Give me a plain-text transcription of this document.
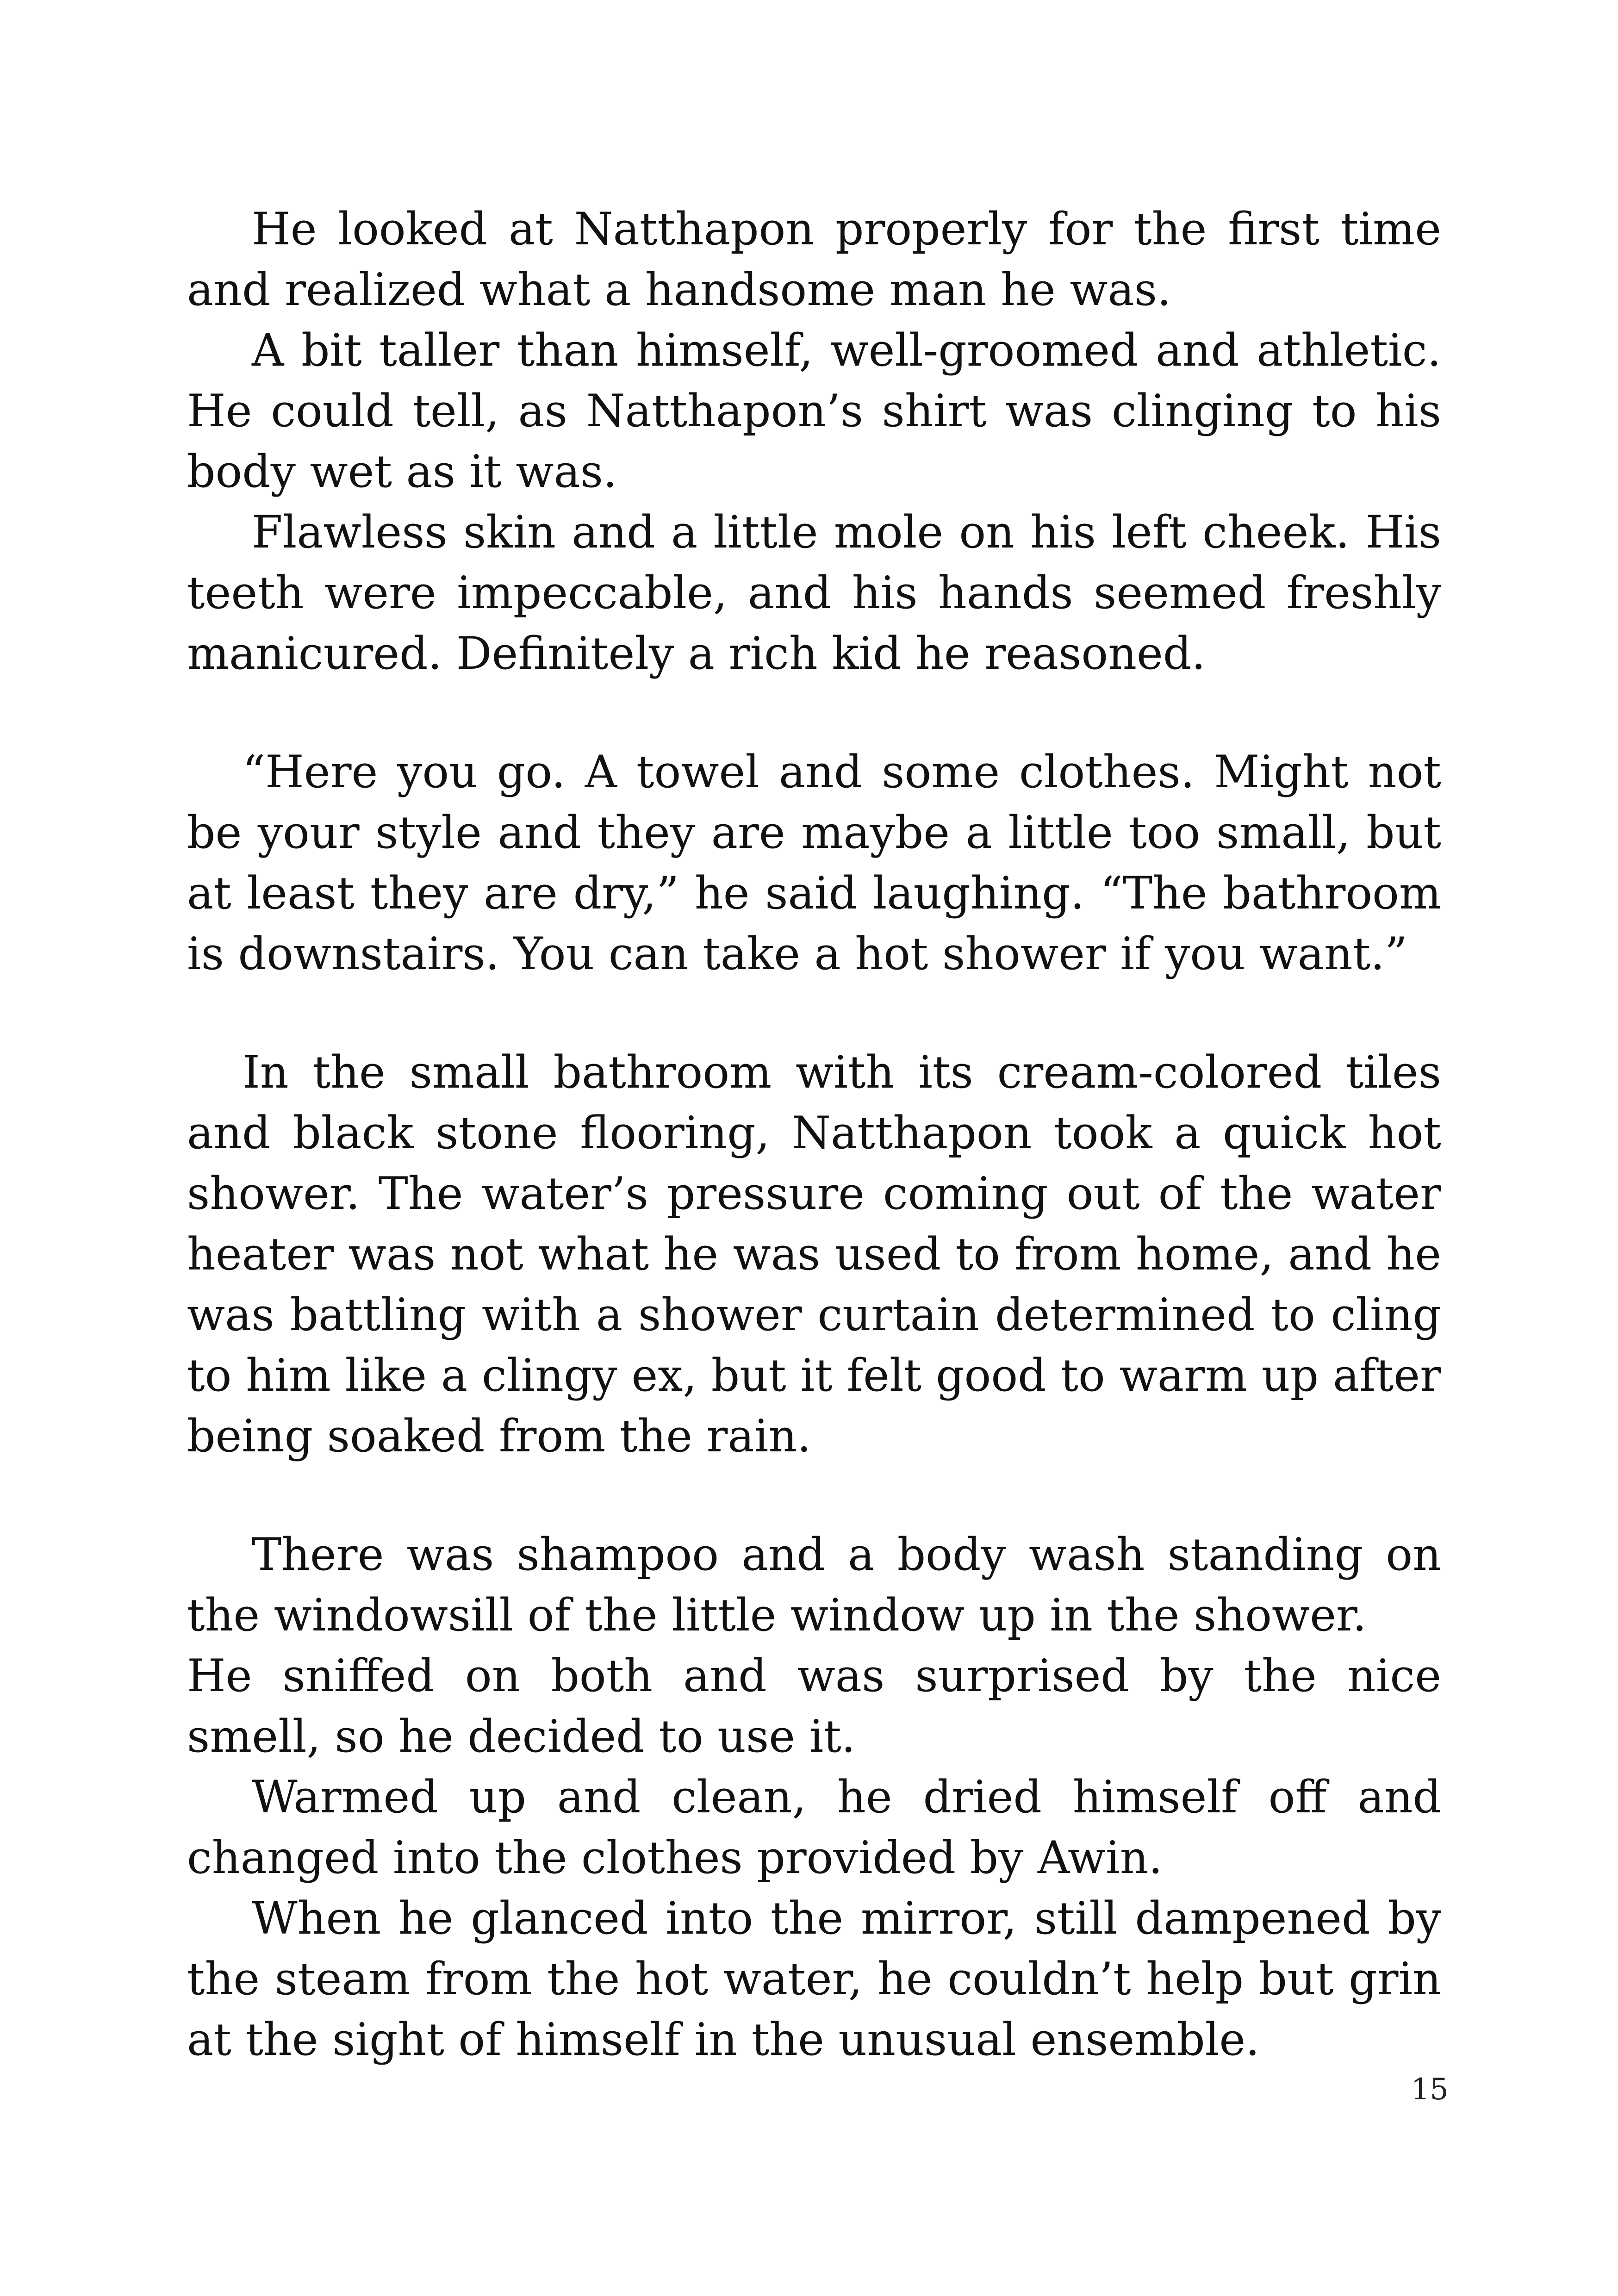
He looked at Natthapon properly for the first time and realized what a handsome man he was.

A bit taller than himself, well-groomed and athletic. He could tell, as Natthapon’s shirt was clinging to his body wet as it was.

Flawless skin and a little mole on his left cheek. His teeth were impeccable, and his hands seemed freshly manicured. Definitely a rich kid he reasoned.

“Here you go. A towel and some clothes. Might not be your style and they are maybe a little too small, but at least they are dry,” he said laughing. “The bathroom is downstairs. You can take a hot shower if you want.”

In the small bathroom with its cream-colored tiles and black stone flooring, Natthapon took a quick hot shower. The water’s pressure coming out of the water heater was not what he was used to from home, and he was battling with a shower curtain determined to cling to him like a clingy ex, but it felt good to warm up after being soaked from the rain.

There was shampoo and a body wash standing on the windowsill of the little window up in the shower.

He sniffed on both and was surprised by the nice smell, so he decided to use it.

Warmed up and clean, he dried himself off and changed into the clothes provided by Awin.

When he glanced into the mirror, still dampened by the steam from the hot water, he couldn’t help but grin at the sight of himself in the unusual ensemble.

15
